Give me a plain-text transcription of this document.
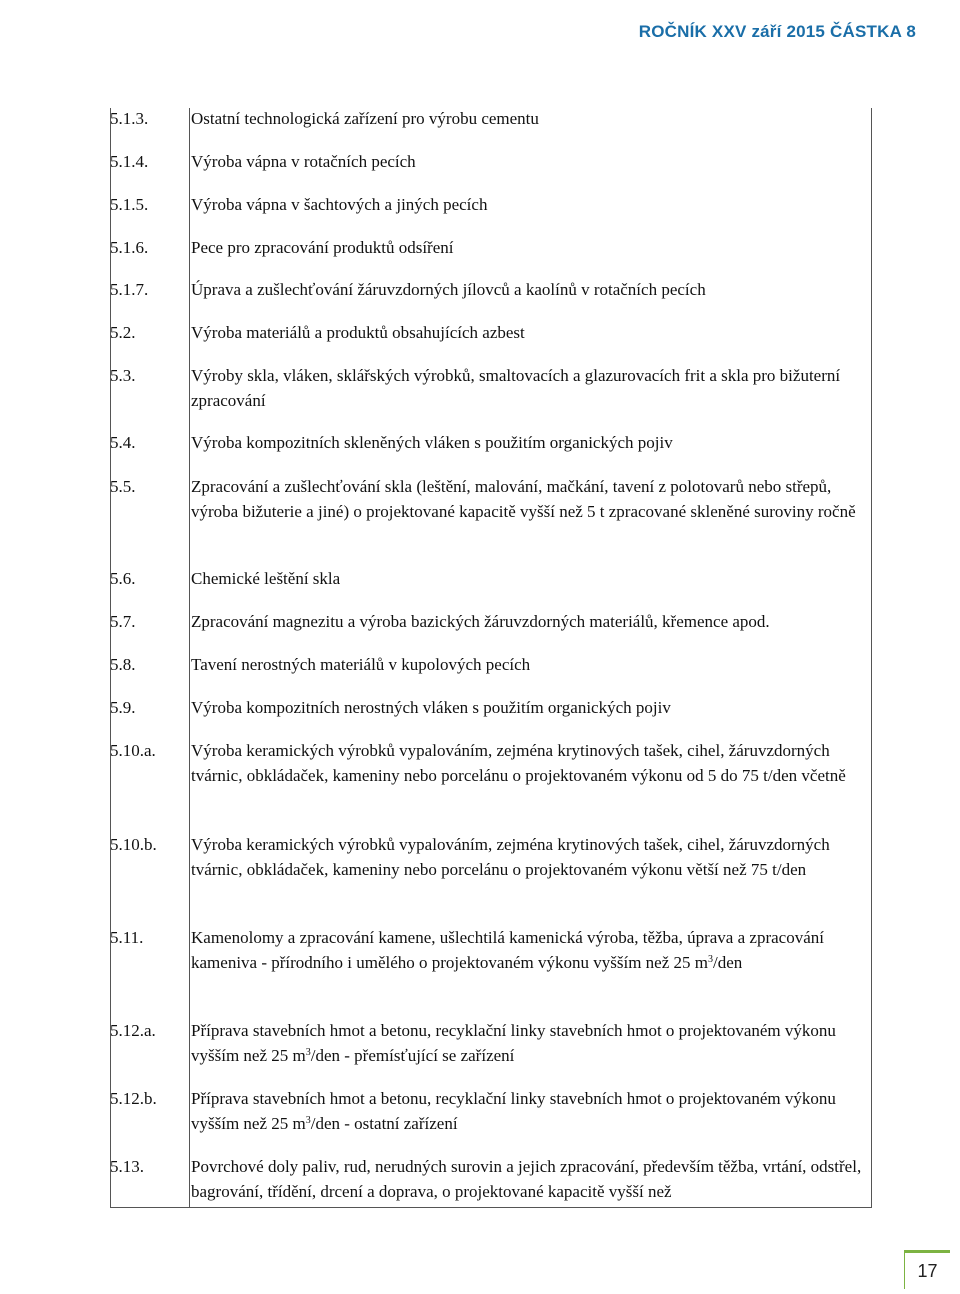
ROČNÍK XXV září 2015 ČÁSTKA 8
5.1.3.	Ostatní technologická zařízení pro výrobu cementu
5.1.4.	Výroba vápna v rotačních pecích
5.1.5.	Výroba vápna v šachtových a jiných pecích
5.1.6.	Pece pro zpracování produktů odsíření
5.1.7.	Úprava a zušlechťování žáruvzdorných jílovců a kaolínů v rotačních pecích
5.2.	Výroba materiálů a produktů obsahujících azbest
5.3.	Výroby skla, vláken, sklářských výrobků, smaltovacích a glazurovacích frit a skla pro bižuterní zpracování
5.4.	Výroba kompozitních skleněných vláken s použitím organických pojiv
5.5.	Zpracování a zušlechťování skla (leštění, malování, mačkání, tavení z polotovarů nebo střepů, výroba bižuterie a jiné) o projektované kapacitě vyšší než 5 t zpracované skleněné suroviny ročně
5.6.	Chemické leštění skla
5.7.	Zpracování magnezitu a výroba bazických žáruvzdorných materiálů, křemence apod.
5.8.	Tavení nerostných materiálů v kupolových pecích
5.9.	Výroba kompozitních nerostných vláken s použitím organických pojiv
5.10.a.	Výroba keramických výrobků vypalováním, zejména krytinových tašek, cihel, žáruvzdorných tvárnic, obkládaček, kameniny nebo porcelánu o projektovaném výkonu od 5 do 75 t/den včetně
5.10.b.	Výroba keramických výrobků vypalováním, zejména krytinových tašek, cihel, žáruvzdorných tvárnic, obkládaček, kameniny nebo porcelánu o projektovaném výkonu větší než 75 t/den
5.11.	Kamenolomy a zpracování kamene, ušlechtilá kamenická výroba, těžba, úprava a zpracování kameniva - přírodního i umělého o projektovaném výkonu vyšším než 25 $m^3$/den
5.12.a.	Příprava stavebních hmot a betonu, recyklační linky stavebních hmot o projektovaném výkonu vyšším než 25 $m^3$/den - přemísťující se zařízení
5.12.b.	Příprava stavebních hmot a betonu, recyklační linky stavebních hmot o projektovaném výkonu vyšším než 25 $m^3$/den - ostatní zařízení
5.13.	Povrchové doly paliv, rud, nerudných surovin a jejich zpracování, především těžba, vrtání, odstřel, bagrování, třídění, drcení a doprava, o projektované kapacitě vyšší než
17
